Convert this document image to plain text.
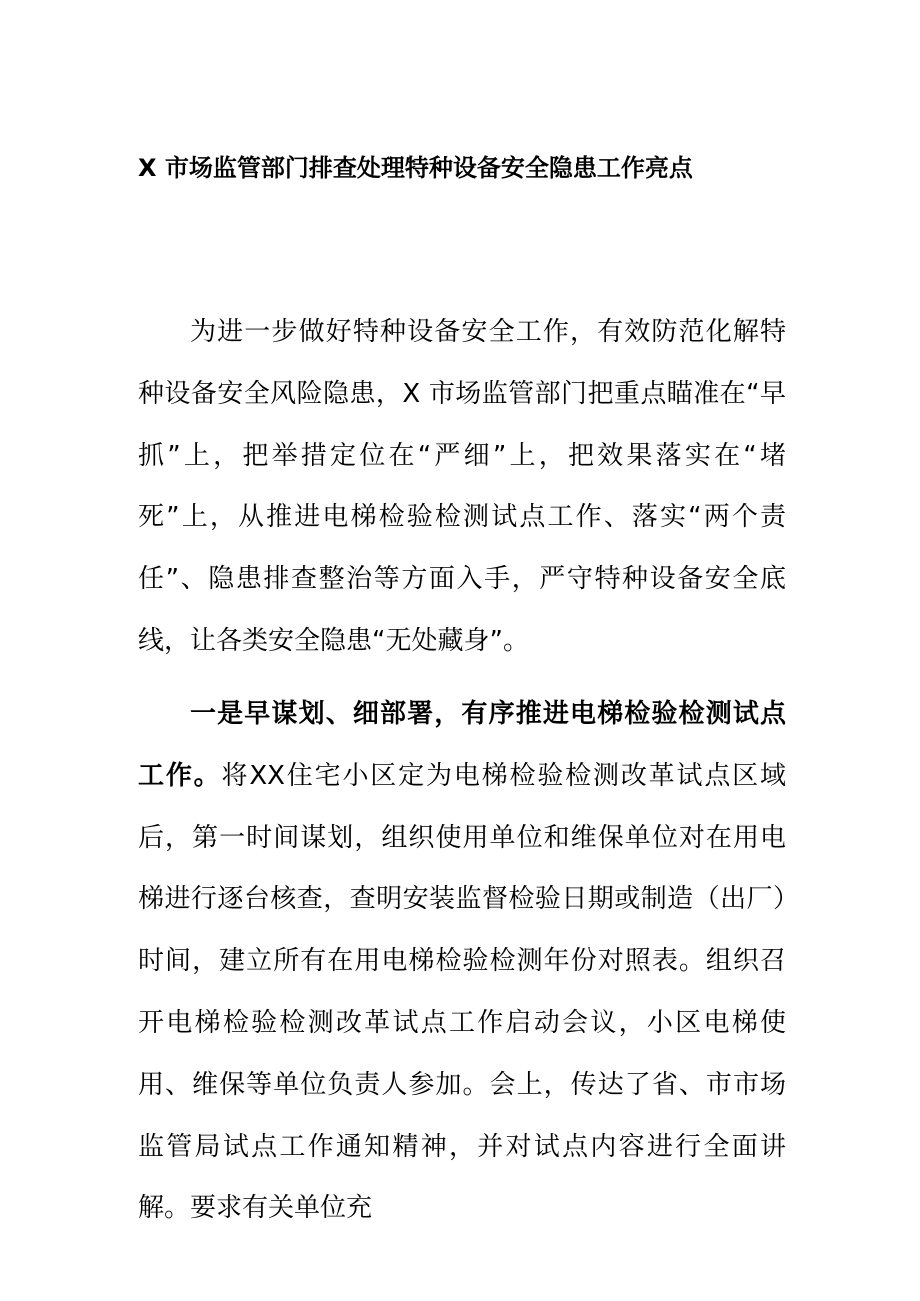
X 市场监管部门排查处理特种设备安全隐患工作亮点

为进一步做好特种设备安全工作，有效防范化解特种设备安全风险隐患，X 市场监管部门把重点瞄准在“早抓”上，把举措定位在“严细”上，把效果落实在“堵死”上，从推进电梯检验检测试点工作、落实“两个责任”、隐患排查整治等方面入手，严守特种设备安全底线，让各类安全隐患“无处藏身”。

一是早谋划、细部署，有序推进电梯检验检测试点工作。将XX住宅小区定为电梯检验检测改革试点区域后，第一时间谋划，组织使用单位和维保单位对在用电梯进行逐台核查，查明安装监督检验日期或制造（出厂）时间，建立所有在用电梯检验检测年份对照表。组织召开电梯检验检测改革试点工作启动会议，小区电梯使用、维保等单位负责人参加。会上，传达了省、市市场监管局试点工作通知精神，并对试点内容进行全面讲解。要求有关单位充
